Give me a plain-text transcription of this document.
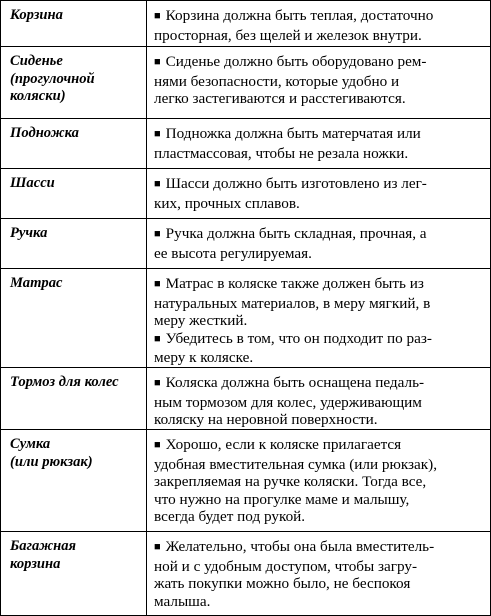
Корзина	■ Корзина должна быть теплая, достаточно
просторная, без щелей и железок внутри.

Сиденье
(прогулочной
коляски)	■ Сиденье должно быть оборудовано рем-
нями безопасности, которые удобно и
легко застегиваются и расстегиваются.

Подножка	■ Подножка должна быть матерчатая или
пластмассовая, чтобы не резала ножки.

Шасси	■ Шасси должно быть изготовлено из лег-
ких, прочных сплавов.

Ручка	■ Ручка должна быть складная, прочная, а
ее высота регулируемая.

Матрас	■ Матрас в коляске также должен быть из
натуральных материалов, в меру мягкий, в
меру жесткий.
■ Убедитесь в том, что он подходит по раз-
меру к коляске.

Тормоз для колес	■ Коляска должна быть оснащена педаль-
ным тормозом для колес, удерживающим
коляску на неровной поверхности.

Сумка
(или рюкзак)	■ Хорошо, если к коляске прилагается
удобная вместительная сумка (или рюкзак),
закрепляемая на ручке коляски. Тогда все,
что нужно на прогулке маме и малышу,
всегда будет под рукой.

Багажная
корзина	■ Желательно, чтобы она была вместитель-
ной и с удобным доступом, чтобы загру-
жать покупки можно было, не беспокоя
малыша.
